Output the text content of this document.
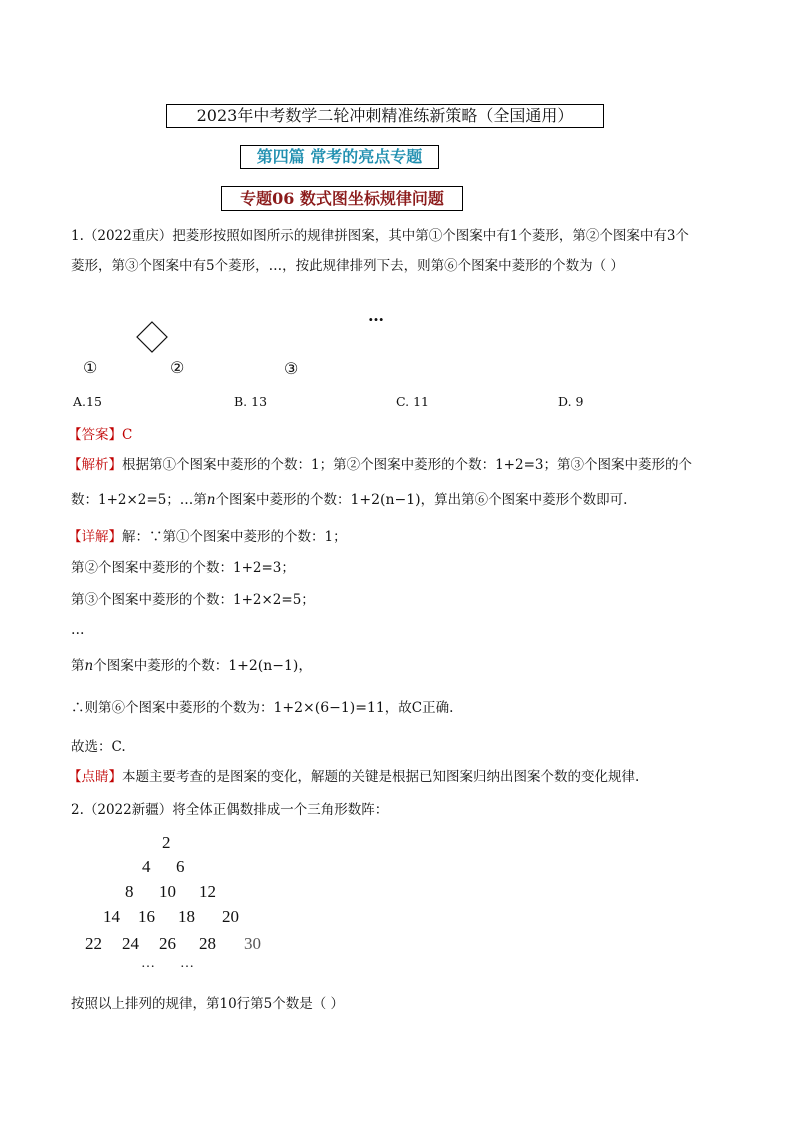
2023年中考数学二轮冲刺精准练新策略（全国通用）
第四篇 常考的亮点专题
专题06 数式图坐标规律问题
1.（2022重庆）把菱形按照如图所示的规律拼图案，其中第①个图案中有1个菱形，第②个图案中有3个
菱形，第③个图案中有5个菱形，…，按此规律排列下去，则第⑥个图案中菱形的个数为（ ）
…
①	②	③
A.15	B. 13	C. 11	D. 9
【答案】C
【解析】根据第①个图案中菱形的个数：1；第②个图案中菱形的个数：1+2=3；第③个图案中菱形的个
数：1+2×2=5；…第n个图案中菱形的个数：1+2(n−1)，算出第⑥个图案中菱形个数即可.
【详解】解：∵第①个图案中菱形的个数：1；
第②个图案中菱形的个数：1+2=3；
第③个图案中菱形的个数：1+2×2=5；
…
第n个图案中菱形的个数：1+2(n−1)，
∴则第⑥个图案中菱形的个数为：1+2×(6−1)=11，故C正确.
故选：C.
【点睛】本题主要考查的是图案的变化，解题的关键是根据已知图案归纳出图案个数的变化规律.
2.（2022新疆）将全体正偶数排成一个三角形数阵：
2
4 6
8 10 12
14 16 18 20
22 24 26 28 30
… …
按照以上排列的规律，第10行第5个数是（ ）
